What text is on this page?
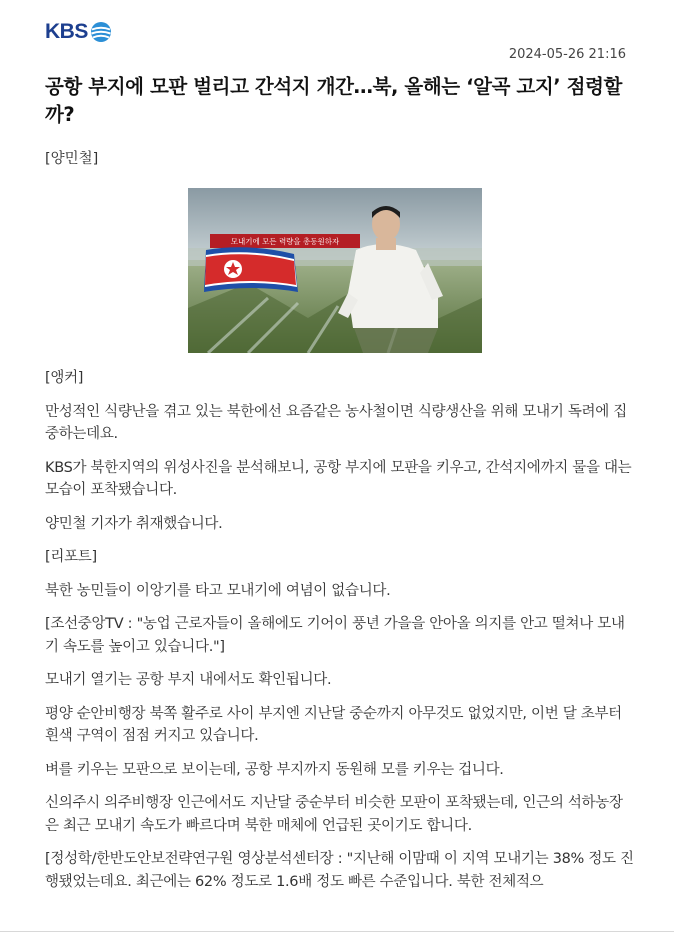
KBS
2024-05-26 21:16
공항 부지에 모판 벌리고 간석지 개간…북, 올해는 ‘알곡 고지’ 점령할까?
[양민철]
모내기에 모든 력량을 총동원하자

[앵커]

만성적인 식량난을 겪고 있는 북한에선 요즘같은 농사철이면 식량생산을 위해 모내기 독려에 집중하는데요.

KBS가 북한지역의 위성사진을 분석해보니, 공항 부지에 모판을 키우고, 간석지에까지 물을 대는 모습이 포착됐습니다.

양민철 기자가 취재했습니다.

[리포트]

북한 농민들이 이앙기를 타고 모내기에 여념이 없습니다.

[조선중앙TV : "농업 근로자들이 올해에도 기어이 풍년 가을을 안아올 의지를 안고 떨쳐나 모내기 속도를 높이고 있습니다."]

모내기 열기는 공항 부지 내에서도 확인됩니다.

평양 순안비행장 북쪽 활주로 사이 부지엔 지난달 중순까지 아무것도 없었지만, 이번 달 초부터 흰색 구역이 점점 커지고 있습니다.

벼를 키우는 모판으로 보이는데, 공항 부지까지 동원해 모를 키우는 겁니다.

신의주시 의주비행장 인근에서도 지난달 중순부터 비슷한 모판이 포착됐는데, 인근의 석하농장은 최근 모내기 속도가 빠르다며 북한 매체에 언급된 곳이기도 합니다.

[정성학/한반도안보전략연구원 영상분석센터장 : "지난해 이맘때 이 지역 모내기는 38% 정도 진행됐었는데요. 최근에는 62% 정도로 1.6배 정도 빠른 수준입니다. 북한 전체적으
